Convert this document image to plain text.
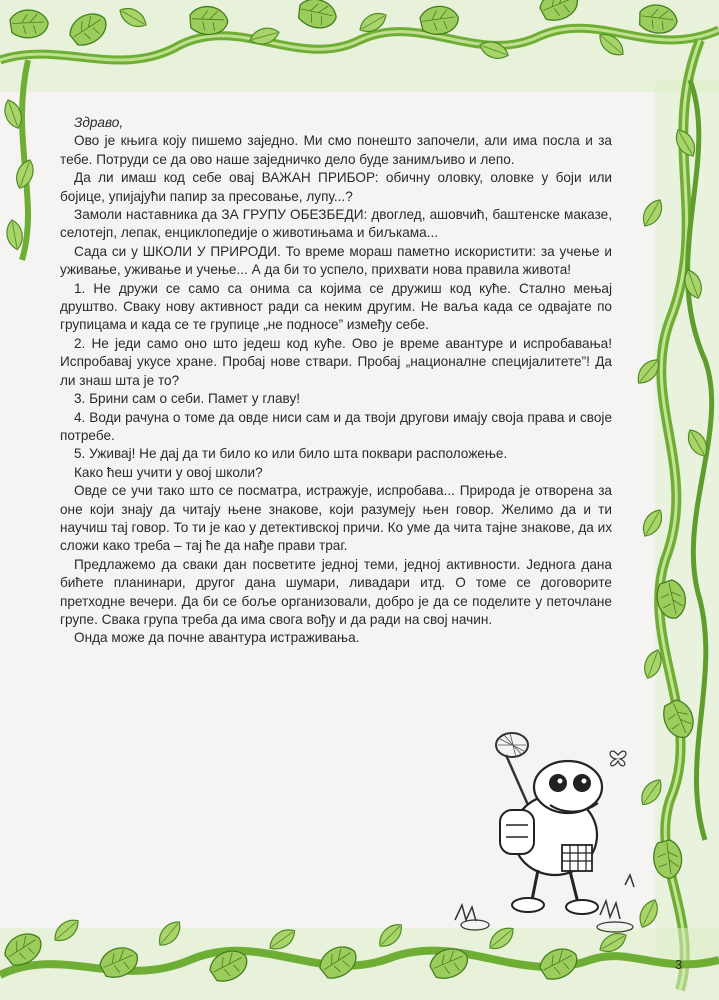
Здраво,

Ово је књига коју пишемо заједно. Ми смо понешто започели, али има посла и за тебе. Потруди се да ово наше заједничко дело буде занимљиво и лепо.

Да ли имаш код себе овај ВАЖАН ПРИБОР: обичну оловку, оловке у боји или бојице, упијајући папир за пресовање, лупу...?

Замоли наставника да ЗА ГРУПУ ОБЕЗБЕДИ: двоглед, ашовчић, баштенске маказе, селотејп, лепак, енциклопедије о животињама и биљкама...

Сада си у ШКОЛИ У ПРИРОДИ. То време мораш паметно искористити: за учење и уживање, уживање и учење... А да би то успело, прихвати нова правила живота!

1. Не дружи се само са онима са којима се дружиш код куће. Стално мењај друштво. Сваку нову активност ради са неким другим. Не ваља када се одвајате по групицама и када се те групице „не подносе” између себе.

2. Не једи само оно што једеш код куће. Ово је време авантуре и испробавања! Испробавај укусе хране. Пробај нове ствари. Пробај „националне специјалитете”! Да ли знаш шта је то?

3. Брини сам о себи. Памет у главу!

4. Води рачуна о томе да овде ниси сам и да твоји другови имају своја права и своје потребе.

5. Уживај! Не дај да ти било ко или било шта поквари расположење.

Како ћеш учити у овој школи?

Овде се учи тако што се посматра, истражује, испробава... Природа је отворена за оне који знају да читају њене знакове, који разумеју њен говор. Желимо да и ти научиш тај говор. То ти је као у детективској причи. Ко уме да чита тајне знакове, да их сложи како треба – тај ће да нађе прави траг.

Предлажемо да сваки дан посветите једној теми, једној активности. Једнога дана бићете планинари, другог дана шумари, ливадари итд. О томе се договорите претходне вечери. Да би се боље организовали, добро је да се поделите у петочлане групе. Свака група треба да има свога вођу и да ради на свој начин.

Онда може да почне авантура истраживања.

3
